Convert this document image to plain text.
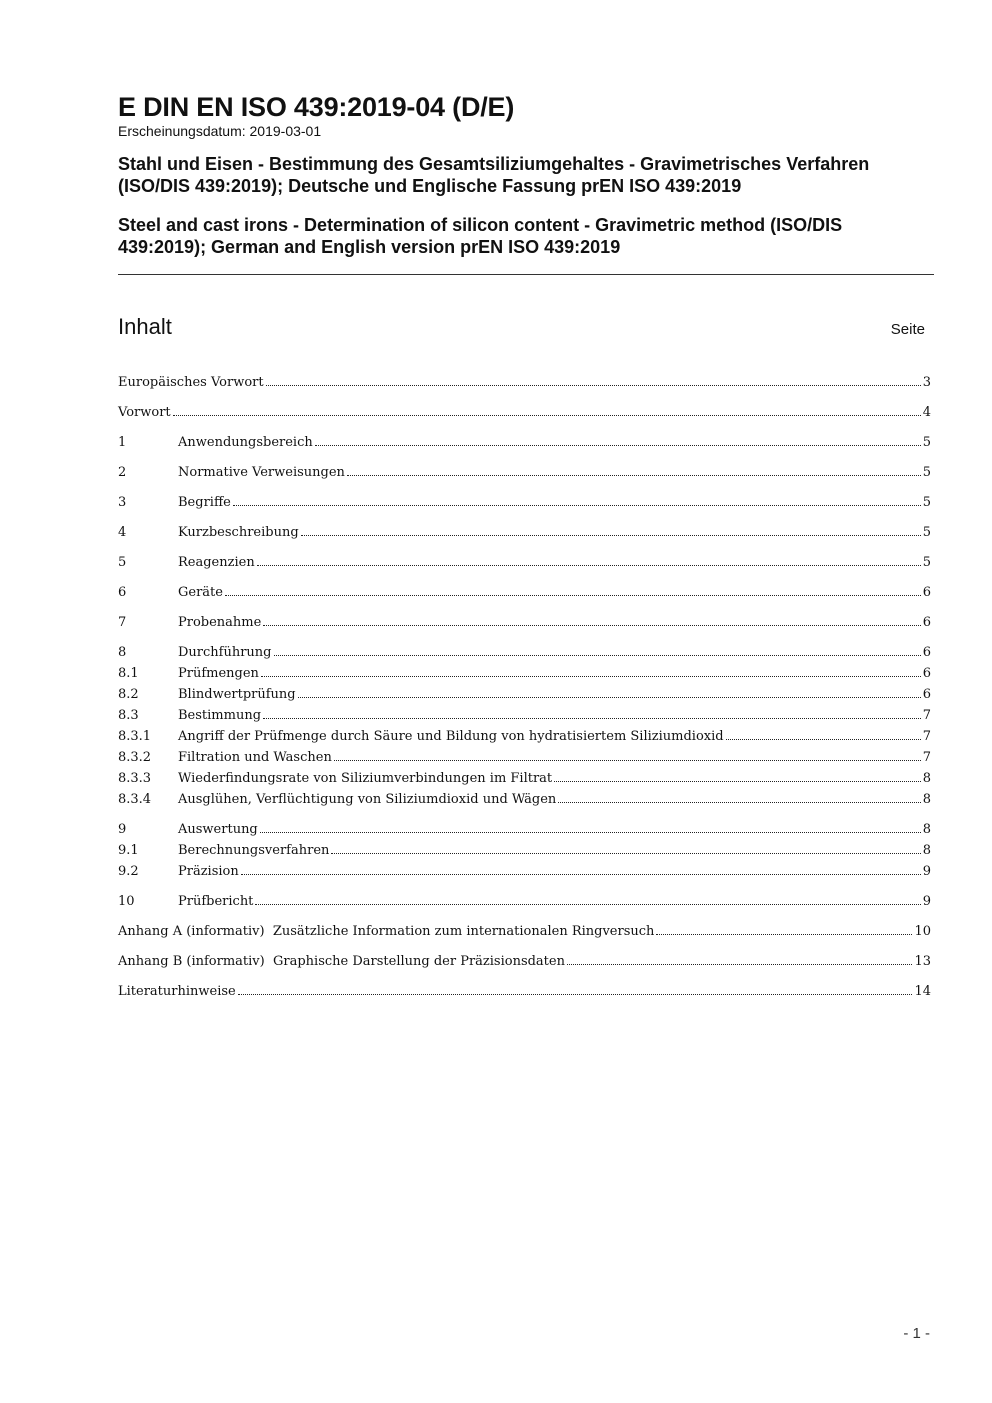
E DIN EN ISO 439:2019-04 (D/E)

Erscheinungsdatum: 2019-03-01

Stahl und Eisen - Bestimmung des Gesamtsiliziumgehaltes - Gravimetrisches Verfahren (ISO/DIS 439:2019); Deutsche und Englische Fassung prEN ISO 439:2019

Steel and cast irons - Determination of silicon content - Gravimetric method (ISO/DIS 439:2019); German and English version prEN ISO 439:2019

Inhalt	Seite
Europäisches Vorwort	3
Vorwort	4
1	Anwendungsbereich	5
2	Normative Verweisungen	5
3	Begriffe	5
4	Kurzbeschreibung	5
5	Reagenzien	5
6	Geräte	6
7	Probenahme	6
8	Durchführung	6
8.1	Prüfmengen	6
8.2	Blindwertprüfung	6
8.3	Bestimmung	7
8.3.1	Angriff der Prüfmenge durch Säure und Bildung von hydratisiertem Siliziumdioxid	7
8.3.2	Filtration und Waschen	7
8.3.3	Wiederfindungsrate von Siliziumverbindungen im Filtrat	8
8.3.4	Ausglühen, Verflüchtigung von Siliziumdioxid und Wägen	8
9	Auswertung	8
9.1	Berechnungsverfahren	8
9.2	Präzision	9
10	Prüfbericht	9
Anhang A (informativ)  Zusätzliche Information zum internationalen Ringversuch	10
Anhang B (informativ)  Graphische Darstellung der Präzisionsdaten	13
Literaturhinweise	14
- 1 -
